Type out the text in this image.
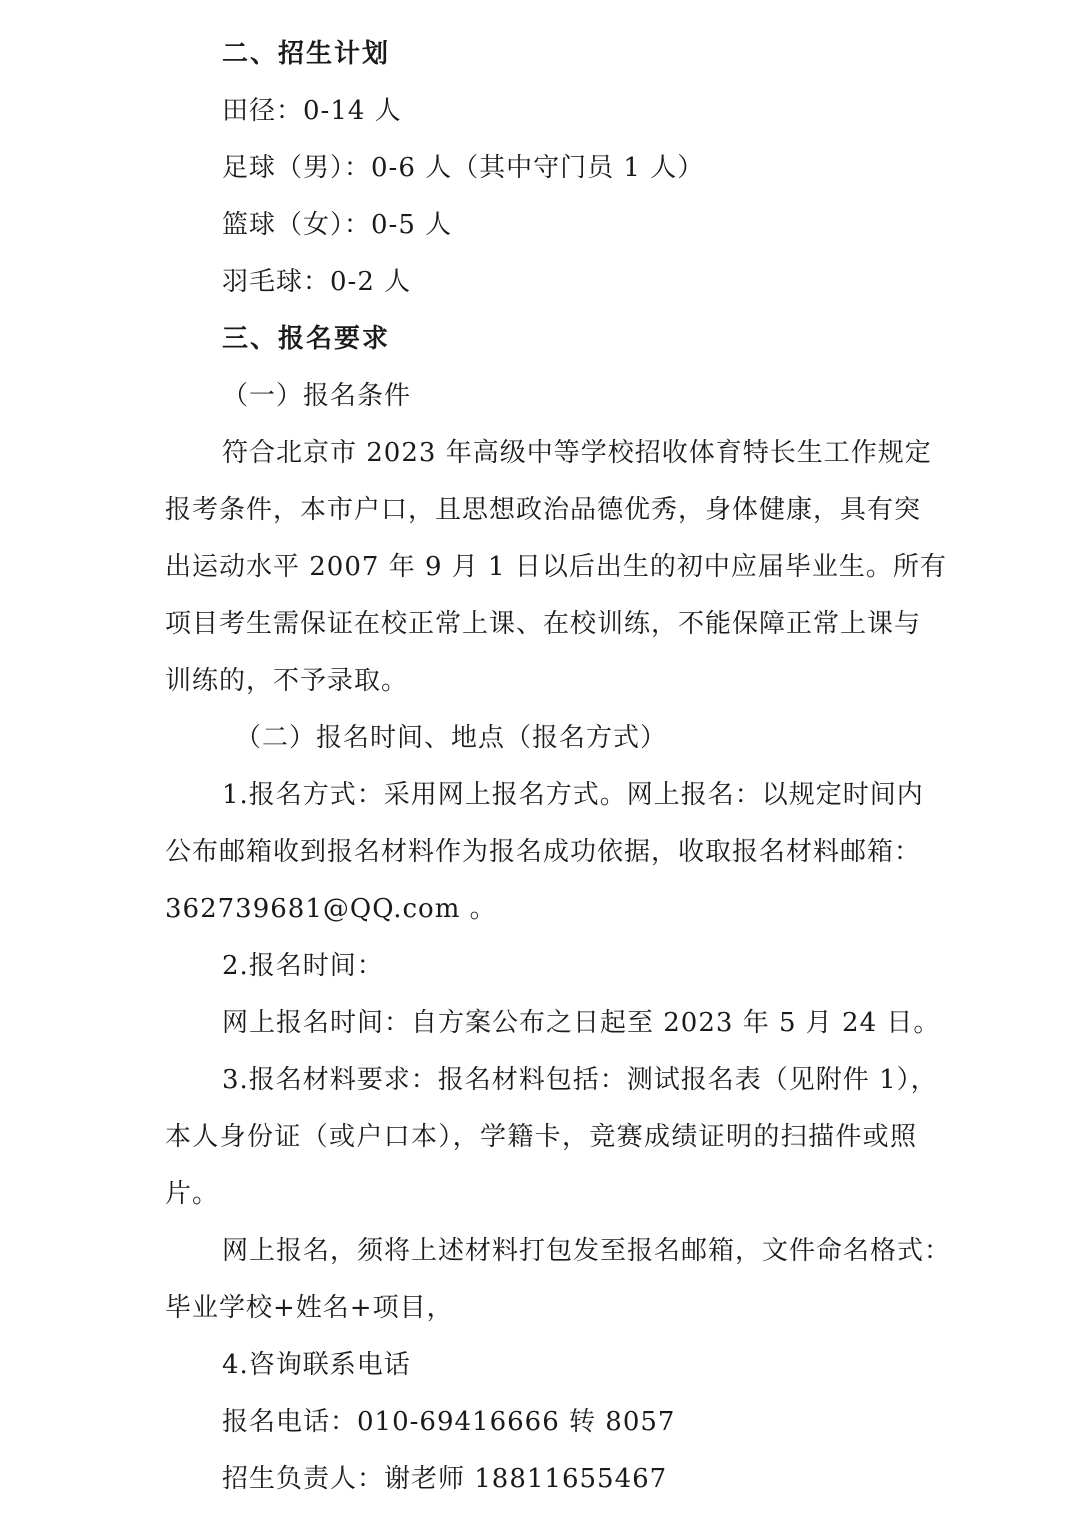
二、招生计划
田径：0-14 人
足球（男）：0-6 人（其中守门员 1 人）
篮球（女）：0-5 人
羽毛球：0-2 人
三、报名要求
（一）报名条件
符合北京市 2023 年高级中等学校招收体育特长生工作规定
报考条件，本市户口，且思想政治品德优秀，身体健康，具有突
出运动水平 2007 年 9 月 1 日以后出生的初中应届毕业生。所有
项目考生需保证在校正常上课、在校训练，不能保障正常上课与
训练的，不予录取。
（二）报名时间、地点（报名方式）
1.报名方式：采用网上报名方式。网上报名：以规定时间内
公布邮箱收到报名材料作为报名成功依据，收取报名材料邮箱：
362739681@QQ.com 。
2.报名时间：
网上报名时间：自方案公布之日起至 2023 年 5 月 24 日。
3.报名材料要求：报名材料包括：测试报名表（见附件 1），
本人身份证（或户口本），学籍卡，竞赛成绩证明的扫描件或照
片。
网上报名，须将上述材料打包发至报名邮箱，文件命名格式：
毕业学校+姓名+项目，
4.咨询联系电话
报名电话：010-69416666 转 8057
招生负责人：谢老师 18811655467
